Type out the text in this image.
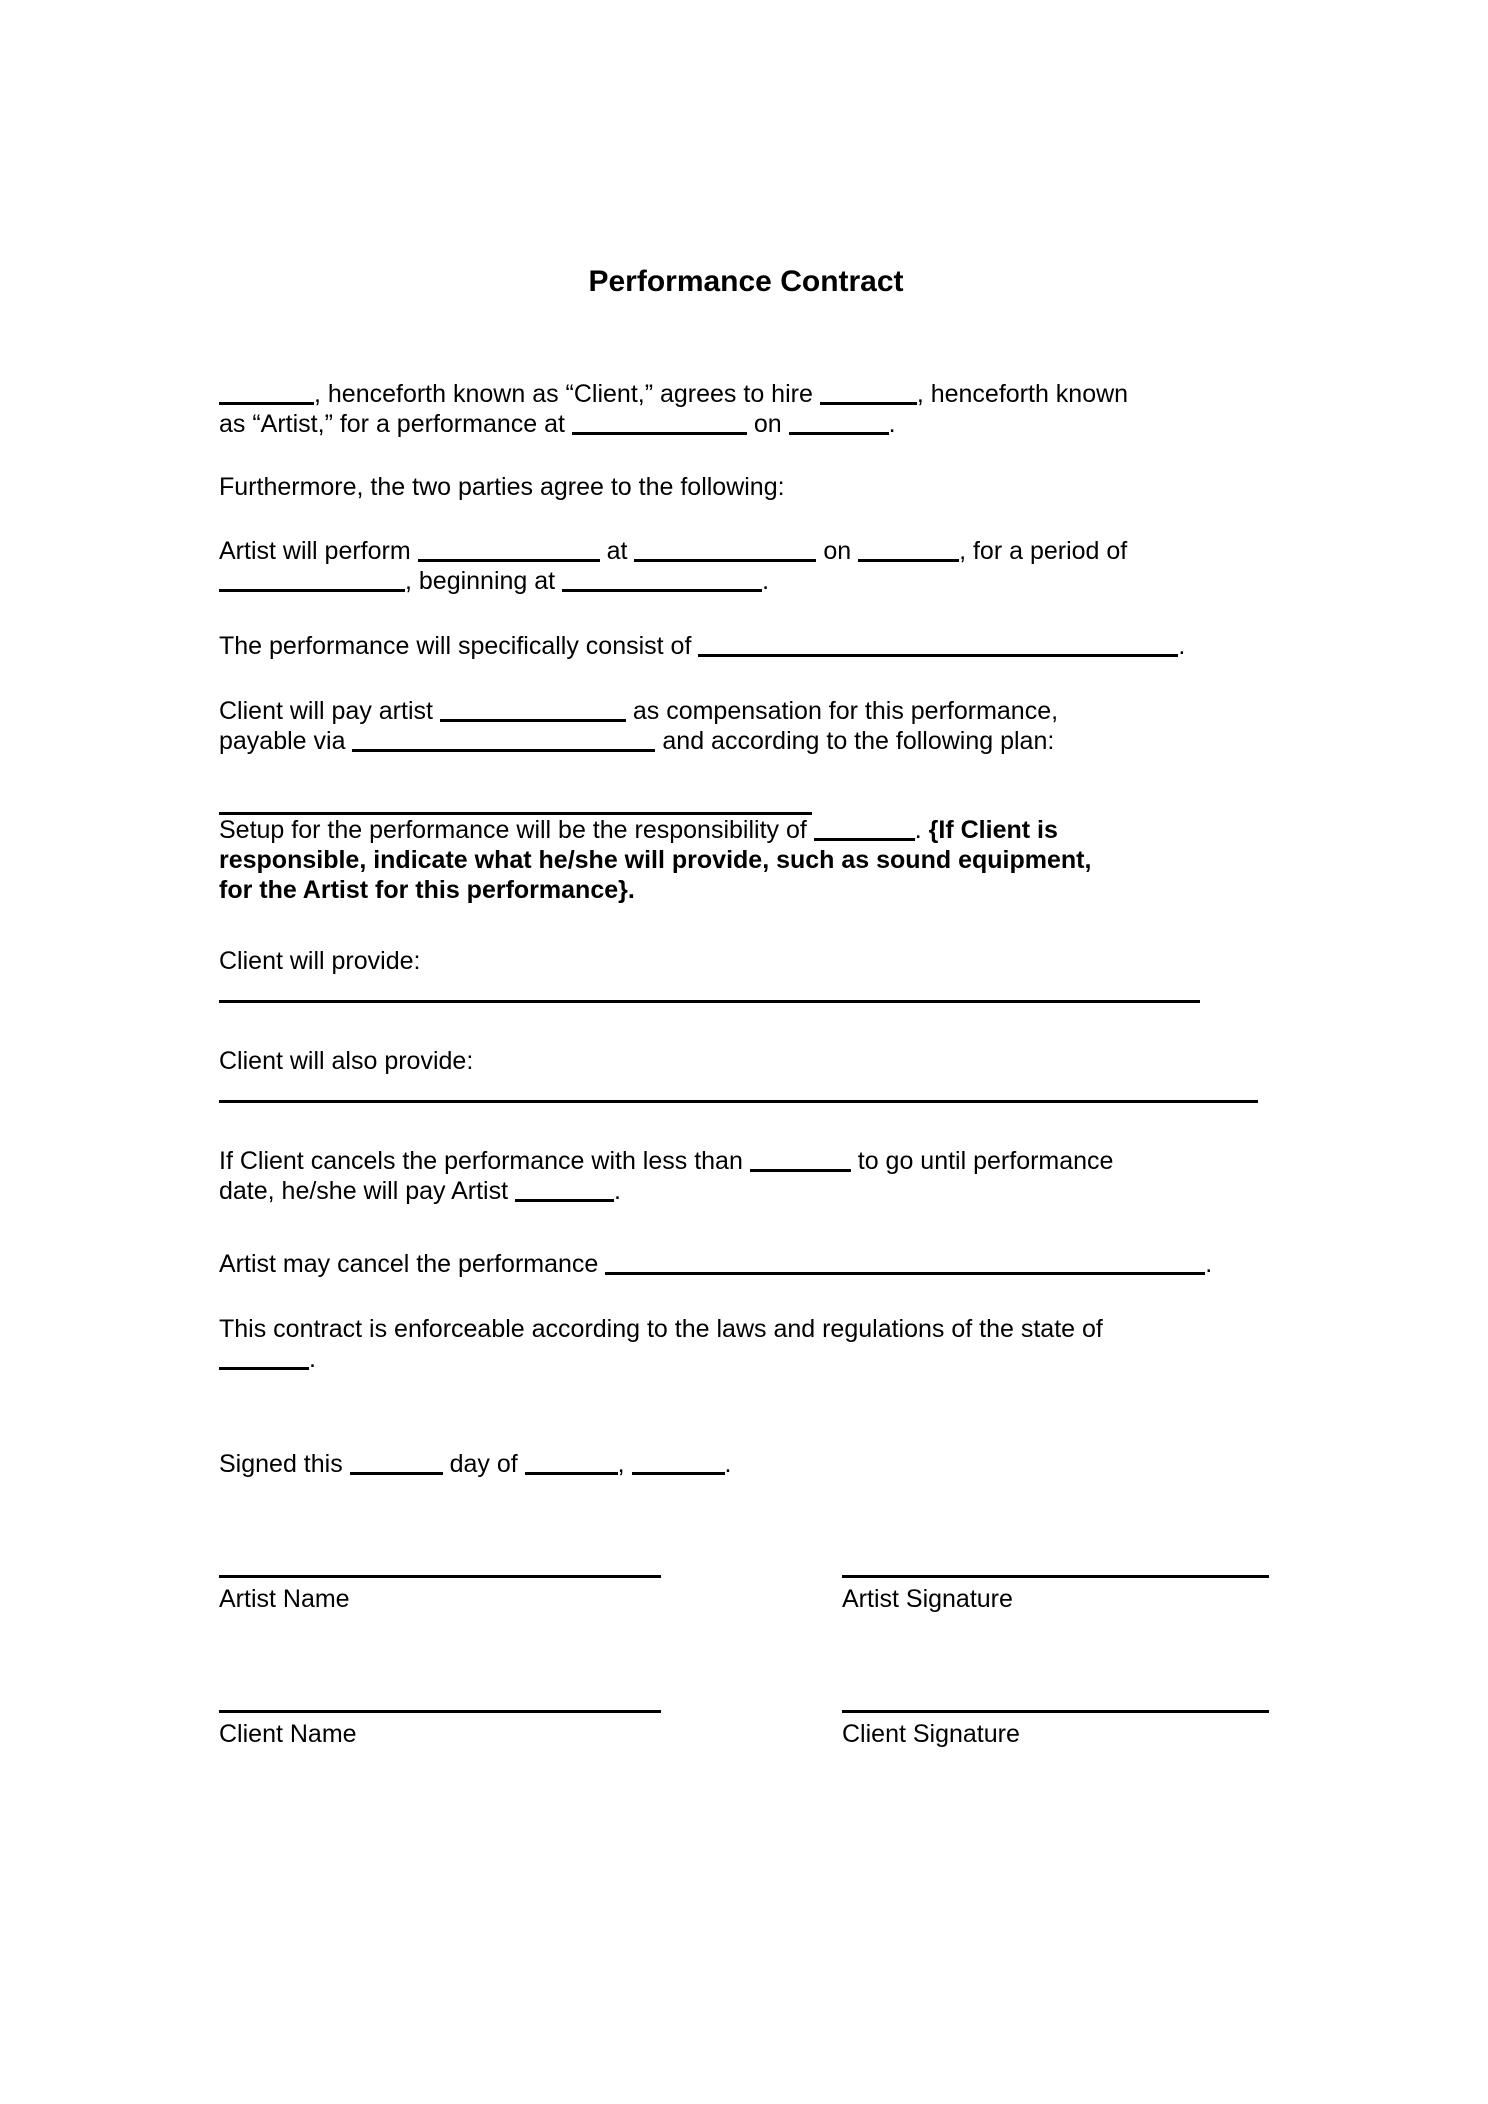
Performance Contract

, henceforth known as “Client,” agrees to hire	, henceforth known
as “Artist,” for a performance at	on	.

Furthermore, the two parties agree to the following:

Artist will perform	at	on	, for a period of
, beginning at	.

The performance will specifically consist of	.

Client will pay artist	as compensation for this performance,
payable via	and according to the following plan:

Setup for the performance will be the responsibility of	. {If Client is
responsible, indicate what he/she will provide, such as sound equipment,
for the Artist for this performance}.

Client will provide:

Client will also provide:

If Client cancels the performance with less than	to go until performance
date, he/she will pay Artist	.

Artist may cancel the performance	.

This contract is enforceable according to the laws and regulations of the state of
.

Signed this	day of	,	.

Artist Name	Artist Signature
Client Name	Client Signature
